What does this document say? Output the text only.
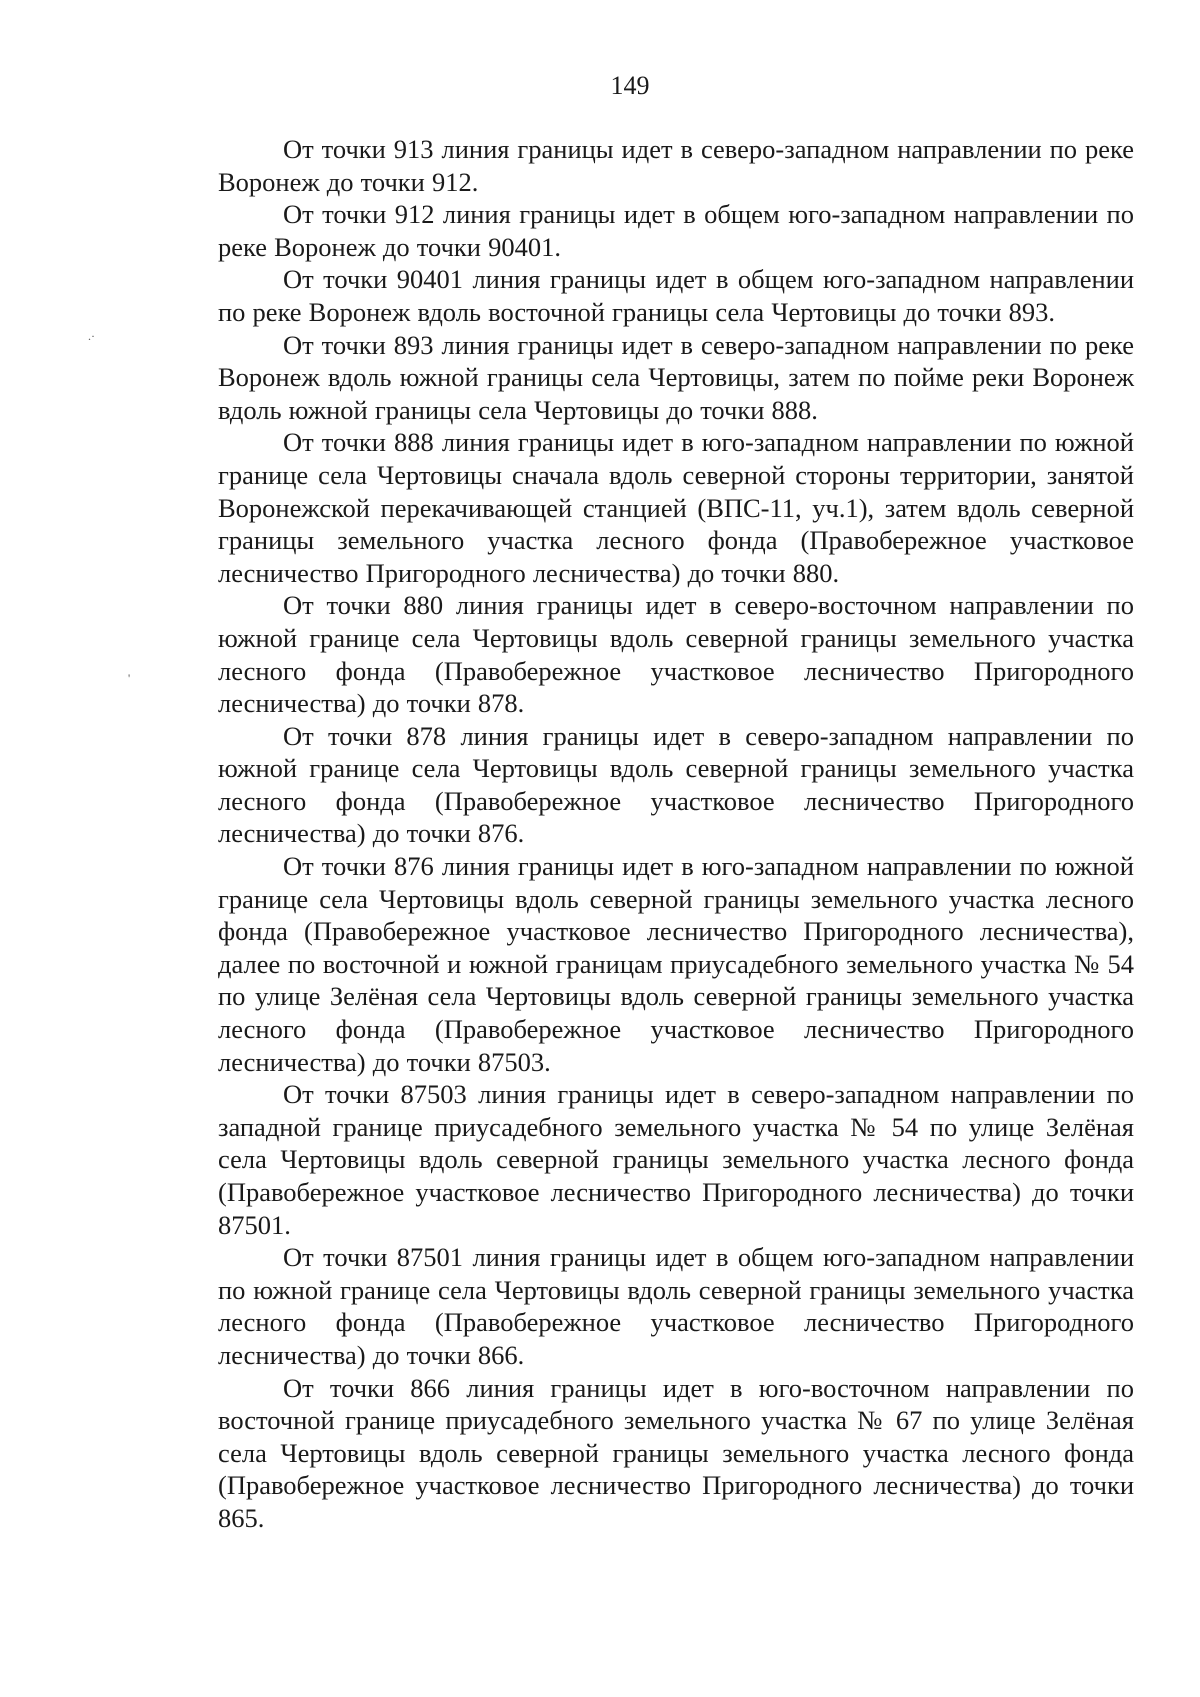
149
.·
'

От точки 913 линия границы идет в северо-западном направлении по реке Воронеж до точки 912.

От точки 912 линия границы идет в общем юго-западном направлении по реке Воронеж до точки 90401.

От точки 90401 линия границы идет в общем юго-западном направлении по реке Воронеж вдоль восточной границы села Чертовицы до точки 893.

От точки 893 линия границы идет в северо-западном направлении по реке Воронеж вдоль южной границы села Чертовицы, затем по пойме реки Воронеж вдоль южной границы села Чертовицы до точки 888.

От точки 888 линия границы идет в юго-западном направлении по южной границе села Чертовицы сначала вдоль северной стороны территории, занятой Воронежской перекачивающей станцией (ВПС-11, уч.1), затем вдоль северной границы земельного участка лесного фонда (Правобережное участковое лесничество Пригородного лесничества) до точки 880.

От точки 880 линия границы идет в северо-восточном направлении по южной границе села Чертовицы вдоль северной границы земельного участка лесного фонда (Правобережное участковое лесничество Пригородного лесничества) до точки 878.

От точки 878 линия границы идет в северо-западном направлении по южной границе села Чертовицы вдоль северной границы земельного участка лесного фонда (Правобережное участковое лесничество Пригородного лесничества) до точки 876.

От точки 876 линия границы идет в юго-западном направлении по южной границе села Чертовицы вдоль северной границы земельного участка лесного фонда (Правобережное участковое лесничество Пригородного лесничества), далее по восточной и южной границам приусадебного земельного участка № 54 по улице Зелёная села Чертовицы вдоль северной границы земельного участка лесного фонда (Правобережное участковое лесничество Пригородного лесничества) до точки 87503.

От точки 87503 линия границы идет в северо-западном направлении по западной границе приусадебного земельного участка № 54 по улице Зелёная села Чертовицы вдоль северной границы земельного участка лесного фонда (Правобережное участковое лесничество Пригородного лесничества) до точки 87501.

От точки 87501 линия границы идет в общем юго-западном направлении по южной границе села Чертовицы вдоль северной границы земельного участка лесного фонда (Правобережное участковое лесничество Пригородного лесничества) до точки 866.

От точки 866 линия границы идет в юго-восточном направлении по восточной границе приусадебного земельного участка № 67 по улице Зелёная села Чертовицы вдоль северной границы земельного участка лесного фонда (Правобережное участковое лесничество Пригородного лесничества) до точки 865.
